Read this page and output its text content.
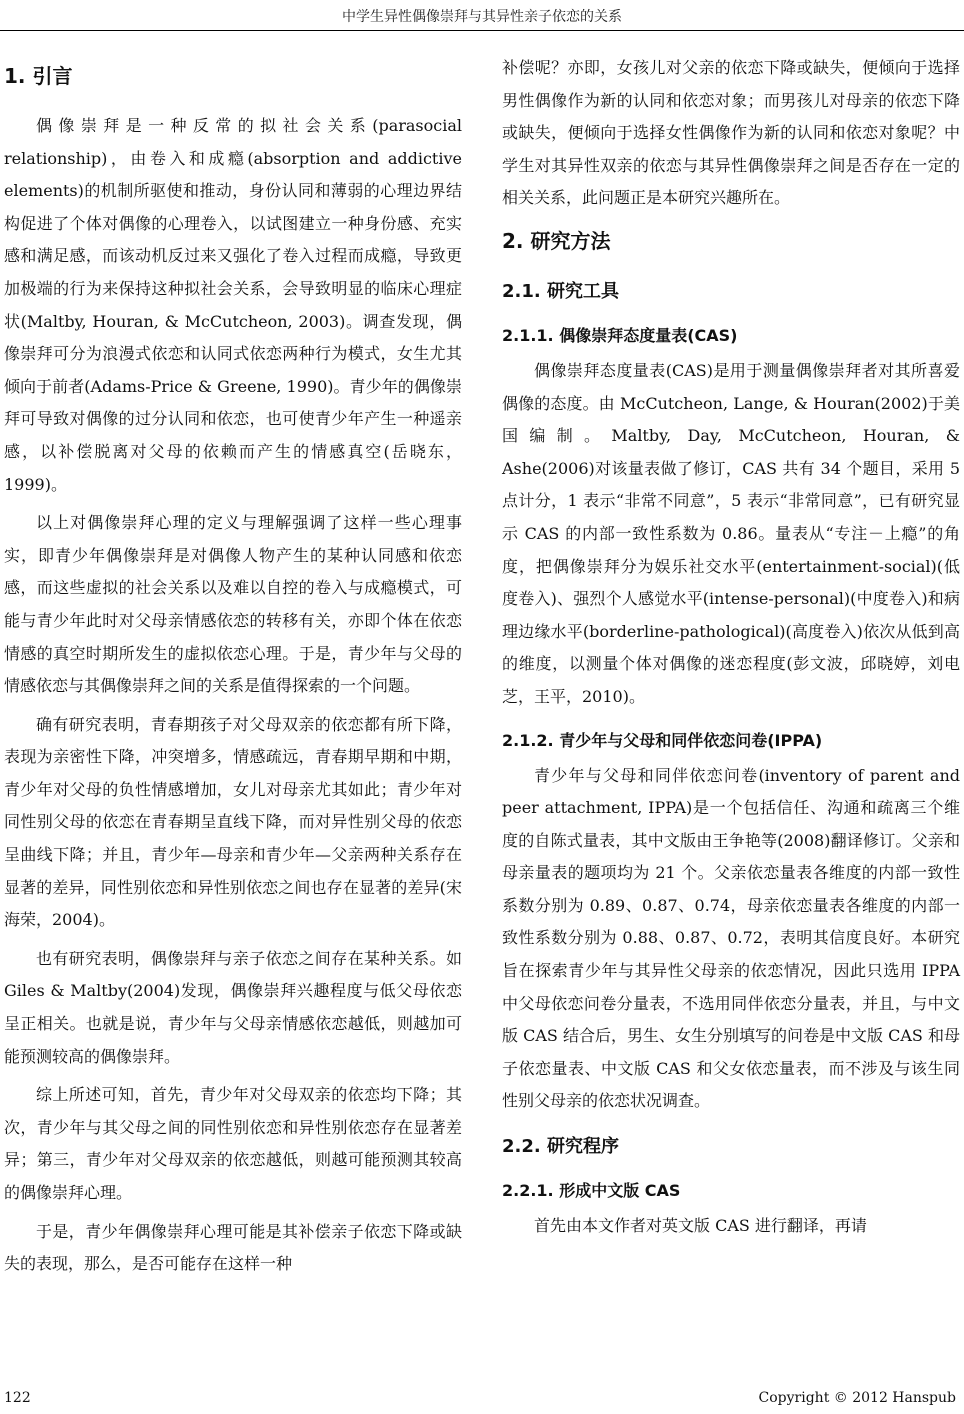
中学生异性偶像崇拜与其异性亲子依恋的关系
1. 引言

偶像崇拜是一种反常的拟社会关系(parasocial relationship)，由卷入和成瘾(absorption and addictive elements)的机制所驱使和推动，身份认同和薄弱的心理边界结构促进了个体对偶像的心理卷入，以试图建立一种身份感、充实感和满足感，而该动机反过来又强化了卷入过程而成瘾，导致更加极端的行为来保持这种拟社会关系，会导致明显的临床心理症状(Maltby, Houran, & McCutcheon, 2003)。调查发现，偶像崇拜可分为浪漫式依恋和认同式依恋两种行为模式，女生尤其倾向于前者(Adams-Price & Greene, 1990)。青少年的偶像崇拜可导致对偶像的过分认同和依恋，也可使青少年产生一种遥亲感，以补偿脱离对父母的依赖而产生的情感真空(岳晓东，1999)。

以上对偶像崇拜心理的定义与理解强调了这样一些心理事实，即青少年偶像崇拜是对偶像人物产生的某种认同感和依恋感，而这些虚拟的社会关系以及难以自控的卷入与成瘾模式，可能与青少年此时对父母亲情感依恋的转移有关，亦即个体在依恋情感的真空时期所发生的虚拟依恋心理。于是，青少年与父母的情感依恋与其偶像崇拜之间的关系是值得探索的一个问题。

确有研究表明，青春期孩子对父母双亲的依恋都有所下降，表现为亲密性下降，冲突增多，情感疏远，青春期早期和中期，青少年对父母的负性情感增加，女儿对母亲尤其如此；青少年对同性别父母的依恋在青春期呈直线下降，而对异性别父母的依恋呈曲线下降；并且，青少年—母亲和青少年—父亲两种关系存在显著的差异，同性别依恋和异性别依恋之间也存在显著的差异(宋海荣，2004)。

也有研究表明，偶像崇拜与亲子依恋之间存在某种关系。如 Giles & Maltby(2004)发现，偶像崇拜兴趣程度与低父母依恋呈正相关。也就是说，青少年与父母亲情感依恋越低，则越加可能预测较高的偶像崇拜。

综上所述可知，首先，青少年对父母双亲的依恋均下降；其次，青少年与其父母之间的同性别依恋和异性别依恋存在显著差异；第三，青少年对父母双亲的依恋越低，则越可能预测其较高的偶像崇拜心理。

于是，青少年偶像崇拜心理可能是其补偿亲子依恋下降或缺失的表现，那么，是否可能存在这样一种

补偿呢？亦即，女孩儿对父亲的依恋下降或缺失，便倾向于选择男性偶像作为新的认同和依恋对象；而男孩儿对母亲的依恋下降或缺失，便倾向于选择女性偶像作为新的认同和依恋对象呢？中学生对其异性双亲的依恋与其异性偶像崇拜之间是否存在一定的相关关系，此问题正是本研究兴趣所在。

2. 研究方法
2.1. 研究工具
2.1.1. 偶像崇拜态度量表(CAS)

偶像崇拜态度量表(CAS)是用于测量偶像崇拜者对其所喜爱偶像的态度。由 McCutcheon, Lange, & Houran(2002)于美国编制。Maltby, Day, McCutcheon, Houran, & Ashe(2006)对该量表做了修订，CAS 共有 34 个题目，采用 5 点计分，1 表示“非常不同意”，5 表示“非常同意”，已有研究显示 CAS 的内部一致性系数为 0.86。量表从“专注－上瘾”的角度，把偶像崇拜分为娱乐社交水平(entertainment-social)(低度卷入)、强烈个人感觉水平(intense-personal)(中度卷入)和病理边缘水平(borderline-pathological)(高度卷入)依次从低到高的维度，以测量个体对偶像的迷恋程度(彭文波，邱晓婷，刘电芝，王平，2010)。

2.1.2. 青少年与父母和同伴依恋问卷(IPPA)

青少年与父母和同伴依恋问卷(inventory of parent and peer attachment, IPPA)是一个包括信任、沟通和疏离三个维度的自陈式量表，其中文版由王争艳等(2008)翻译修订。父亲和母亲量表的题项均为 21 个。父亲依恋量表各维度的内部一致性系数分别为 0.89、0.87、0.74，母亲依恋量表各维度的内部一致性系数分别为 0.88、0.87、0.72，表明其信度良好。本研究旨在探索青少年与其异性父母亲的依恋情况，因此只选用 IPPA 中父母依恋问卷分量表，不选用同伴依恋分量表，并且，与中文版 CAS 结合后，男生、女生分别填写的问卷是中文版 CAS 和母子依恋量表、中文版 CAS 和父女依恋量表，而不涉及与该生同性别父母亲的依恋状况调查。

2.2. 研究程序
2.2.1. 形成中文版 CAS

首先由本文作者对英文版 CAS 进行翻译，再请

122	Copyright © 2012 Hanspub
